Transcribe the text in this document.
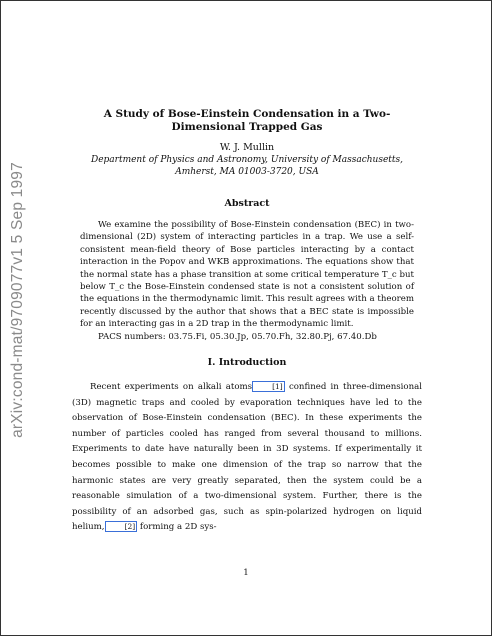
arXiv:cond-mat/9709077v1 5 Sep 1997
A Study of Bose-Einstein Condensation in a Two-Dimensional Trapped Gas
W. J. Mullin
Department of Physics and Astronomy, University of Massachusetts,
Amherst, MA 01003-3720, USA
Abstract
We examine the possibility of Bose-Einstein condensation (BEC) in two-dimensional (2D) system of interacting particles in a trap. We use a self-consistent mean-field theory of Bose particles interacting by a contact interaction in the Popov and WKB approximations. The equations show that the normal state has a phase transition at some critical temperature T_c but below T_c the Bose-Einstein condensed state is not a consistent solution of the equations in the thermodynamic limit. This result agrees with a theorem recently discussed by the author that shows that a BEC state is impossible for an interacting gas in a 2D trap in the thermodynamic limit.
PACS numbers: 03.75.Fi, 05.30.Jp, 05.70.Fh, 32.80.Pj, 67.40.Db
I. Introduction
Recent experiments on alkali atoms	[1] confined in three-dimensional (3D) magnetic traps and cooled by evaporation techniques have led to the observation of Bose-Einstein condensation (BEC). In these experiments the number of particles cooled has ranged from several thousand to millions. Experiments to date have naturally been in 3D systems. If experimentally it becomes possible to make one dimension of the trap so narrow that the harmonic states are very greatly separated, then the system could be a reasonable simulation of a two-dimensional system. Further, there is the possibility of an adsorbed gas, such as spin-polarized hydrogen on liquid helium,	[2] forming a 2D sys-
1
